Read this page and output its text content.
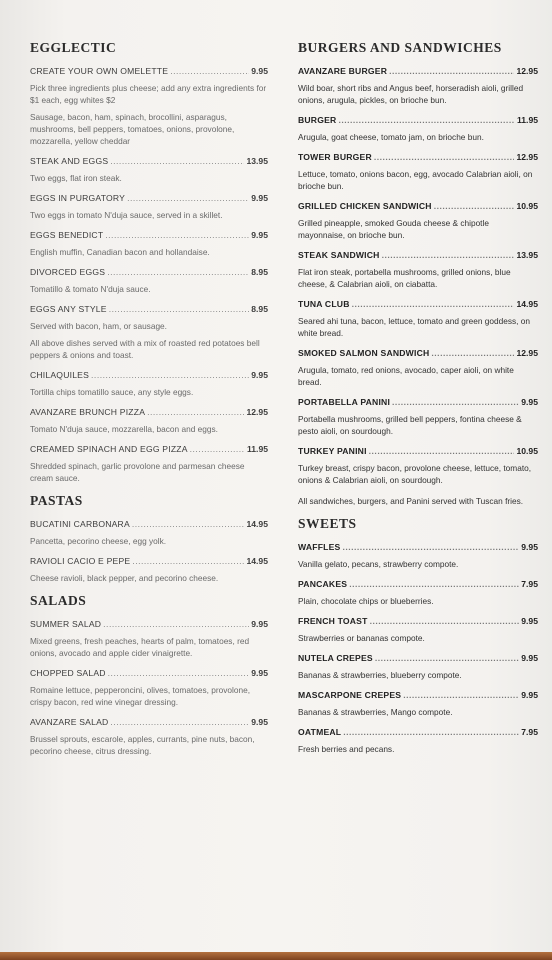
EGGLECTIC
CREATE YOUR OWN OMELETTE .....	9.95
Pick three ingredients plus cheese; add any extra ingredients for $1 each, egg whites $2
Sausage, bacon, ham, spinach, brocollini, asparagus, mushrooms, bell peppers, tomatoes, onions, provolone, mozzarella, yellow cheddar
STEAK AND EGGS .....	13.95
Two eggs, flat iron steak.
EGGS IN PURGATORY .....	9.95
Two eggs in tomato N'duja sauce, served in a skillet.
EGGS BENEDICT .....	9.95
English muffin, Canadian bacon and hollandaise.
DIVORCED EGGS .....	8.95
Tomatillo & tomato N'duja sauce.
EGGS ANY STYLE .....	8.95
Served with bacon, ham, or sausage.
All above dishes served with a mix of roasted red potatoes bell peppers & onions and toast.
CHILAQUILES .....	9.95
Tortilla chips tomatillo sauce, any style eggs.
AVANZARE BRUNCH PIZZA .....	12.95
Tomato N'duja sauce, mozzarella, bacon and eggs.
CREAMED SPINACH AND EGG PIZZA .....	11.95
Shredded spinach, garlic provolone and parmesan cheese cream sauce.
PASTAS
BUCATINI CARBONARA .....	14.95
Pancetta, pecorino cheese, egg yolk.
RAVIOLI CACIO E PEPE .....	14.95
Cheese ravioli, black pepper, and pecorino cheese.
SALADS
SUMMER SALAD .....	9.95
Mixed greens, fresh peaches, hearts of palm, tomatoes, red onions, avocado and apple cider vinaigrette.
CHOPPED SALAD .....	9.95
Romaine lettuce, pepperoncini, olives, tomatoes, provolone, crispy bacon, red wine vinegar dressing.
AVANZARE SALAD .....	9.95
Brussel sprouts, escarole, apples, currants, pine nuts, bacon, pecorino cheese, citrus dressing.
BURGERS AND SANDWICHES
AVANZARE BURGER .....	12.95
Wild boar, short ribs and Angus beef, horseradish aioli, grilled onions, arugula, pickles, on brioche bun.
BURGER .....	11.95
Arugula, goat cheese, tomato jam, on brioche bun.
TOWER BURGER .....	12.95
Lettuce, tomato, onions bacon, egg, avocado Calabrian aioli, on brioche bun.
GRILLED CHICKEN SANDWICH .....	10.95
Grilled pineapple, smoked Gouda cheese & chipotle mayonnaise, on brioche bun.
STEAK SANDWICH .....	13.95
Flat iron steak, portabella mushrooms, grilled onions, blue cheese, & Calabrian aioli, on ciabatta.
TUNA CLUB .....	14.95
Seared ahi tuna, bacon, lettuce, tomato and green goddess, on white bread.
SMOKED SALMON SANDWICH .....	12.95
Arugula, tomato, red onions, avocado, caper aioli, on white bread.
PORTABELLA PANINI .....	9.95
Portabella mushrooms, grilled bell peppers, fontina cheese & pesto aioli, on sourdough.
TURKEY PANINI .....	10.95
Turkey breast, crispy bacon, provolone cheese, lettuce, tomato, onions & Calabrian aioli, on sourdough.
All sandwiches, burgers, and Panini served with Tuscan fries.
SWEETS
WAFFLES .....	9.95
Vanilla gelato, pecans, strawberry compote.
PANCAKES .....	7.95
Plain, chocolate chips or blueberries.
FRENCH TOAST .....	9.95
Strawberries or bananas compote.
NUTELA CREPES .....	9.95
Bananas & strawberries, blueberry compote.
MASCARPONE CREPES .....	9.95
Bananas & strawberries, Mango compote.
OATMEAL .....	7.95
Fresh berries and pecans.
